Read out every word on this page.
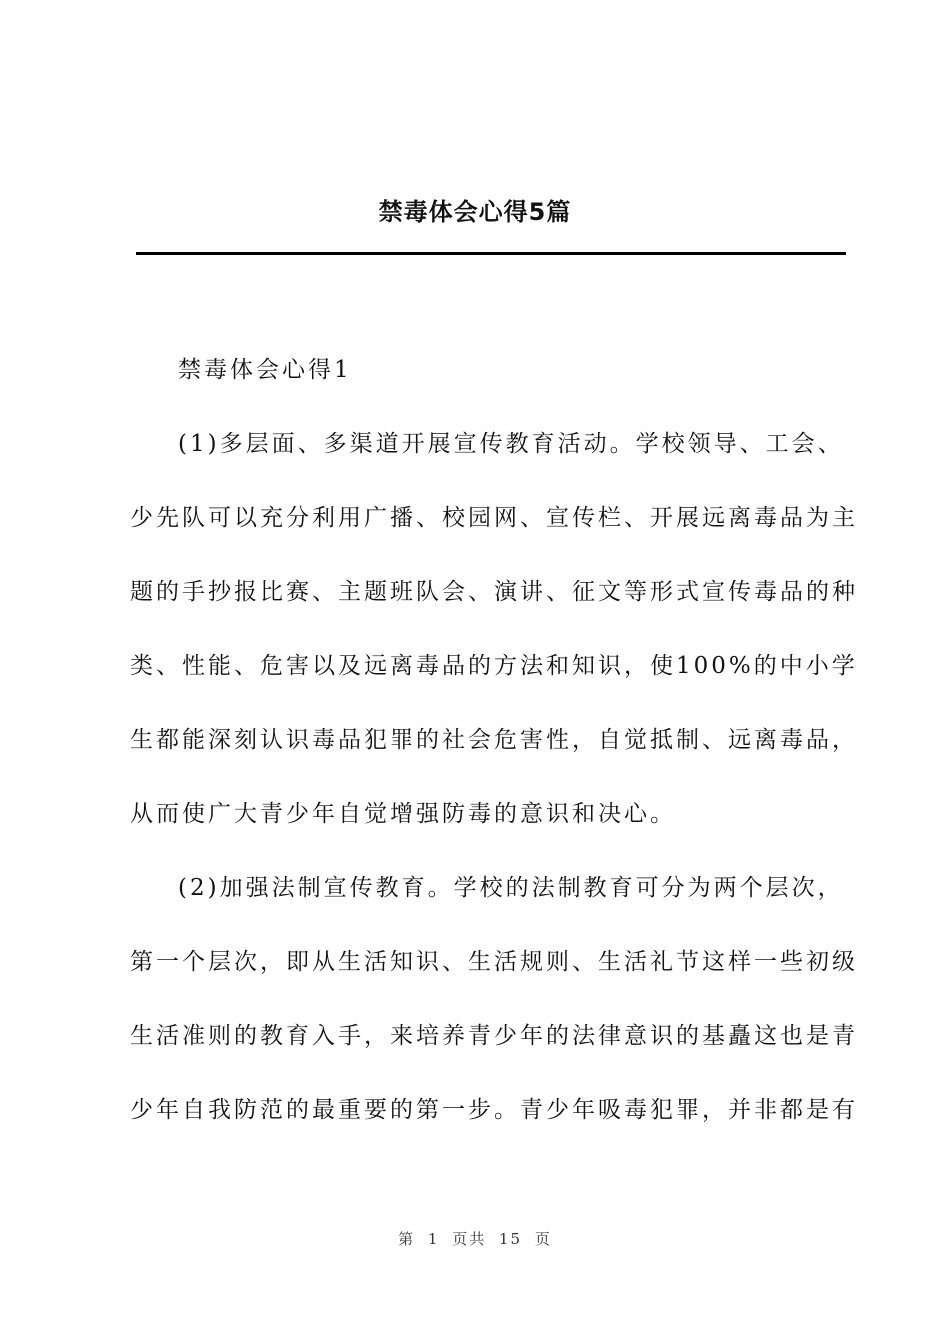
禁毒体会心得5篇
禁毒体会心得1
(1)多层面、多渠道开展宣传教育活动。学校领导、工会、
少先队可以充分利用广播、校园网、宣传栏、开展远离毒品为主
题的手抄报比赛、主题班队会、演讲、征文等形式宣传毒品的种
类、性能、危害以及远离毒品的方法和知识，使100%的中小学
生都能深刻认识毒品犯罪的社会危害性，自觉抵制、远离毒品，
从而使广大青少年自觉增强防毒的意识和决心。
(2)加强法制宣传教育。学校的法制教育可分为两个层次，
第一个层次，即从生活知识、生活规则、生活礼节这样一些初级
生活准则的教育入手，来培养青少年的法律意识的基矗这也是青
少年自我防范的最重要的第一步。青少年吸毒犯罪，并非都是有
第 1 页共 15 页
